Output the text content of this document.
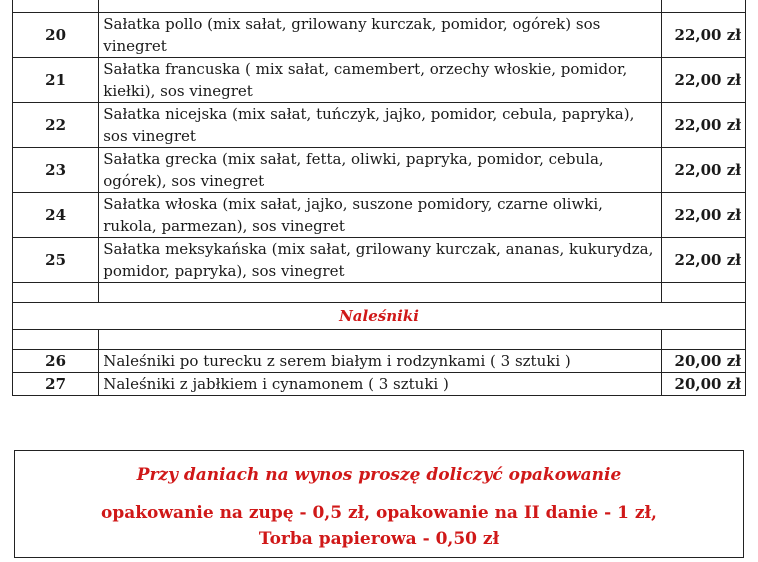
20	Sałatka pollo (mix sałat, grilowany kurczak, pomidor, ogórek) sos vinegret	22,00 zł
21	Sałatka francuska ( mix sałat, camembert, orzechy włoskie, pomidor, kiełki), sos vinegret	22,00 zł
22	Sałatka nicejska (mix sałat, tuńczyk, jajko, pomidor, cebula, papryka), sos vinegret	22,00 zł
23	Sałatka grecka (mix sałat, fetta, oliwki, papryka, pomidor, cebula, ogórek), sos vinegret	22,00 zł
24	Sałatka włoska (mix sałat, jajko, suszone pomidory, czarne oliwki, rukola, parmezan), sos vinegret	22,00 zł
25	Sałatka meksykańska (mix sałat, grilowany kurczak, ananas, kukurydza, pomidor, papryka), sos vinegret	22,00 zł

Naleśniki		

26	Naleśniki po turecku z serem białym i rodzynkami ( 3 sztuki )	20,00 zł
27	Naleśniki z jabłkiem i cynamonem ( 3 sztuki )	20,00 zł
Przy daniach na wynos proszę doliczyć opakowanie
opakowanie na zupę - 0,5 zł, opakowanie na II danie - 1 zł,
Torba papierowa - 0,50 zł
